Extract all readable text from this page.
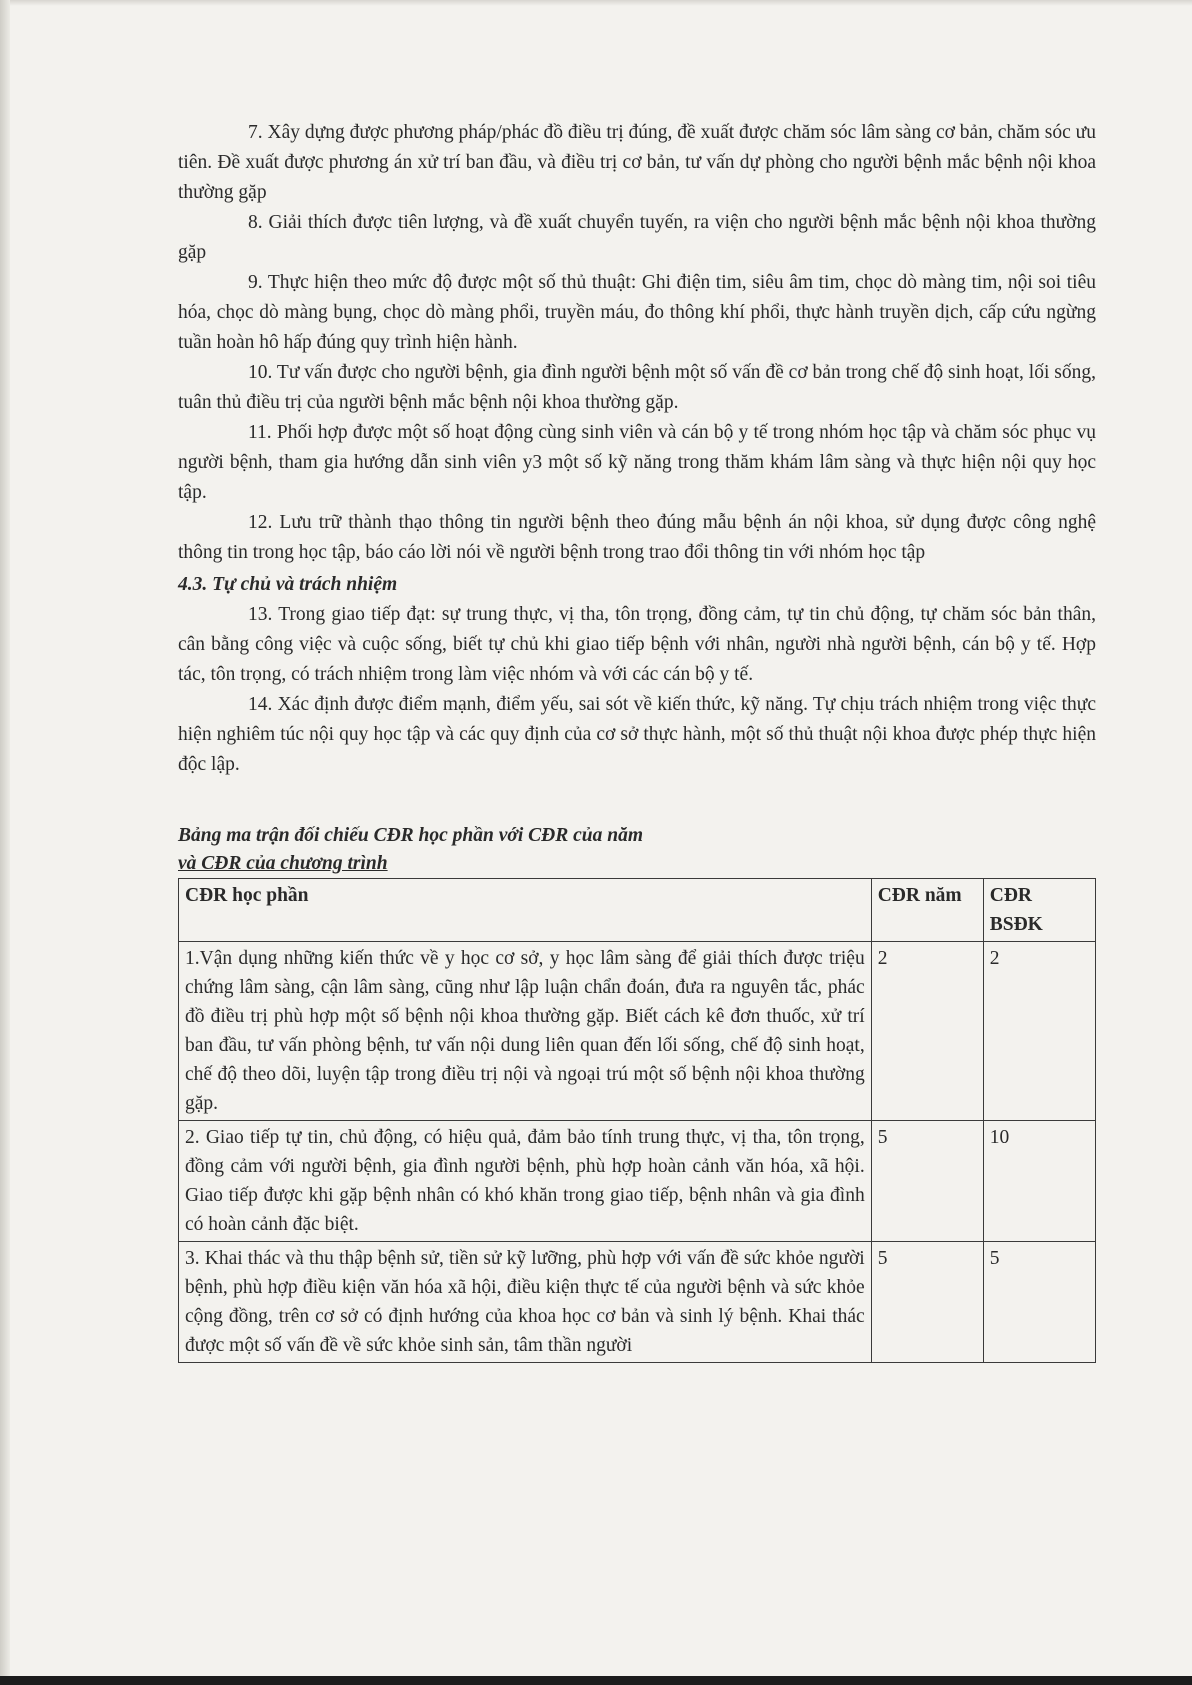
7. Xây dựng được phương pháp/phác đồ điều trị đúng, đề xuất được chăm sóc lâm sàng cơ bản, chăm sóc ưu tiên. Đề xuất được phương án xử trí ban đầu, và điều trị cơ bản, tư vấn dự phòng cho người bệnh mắc bệnh nội khoa thường gặp

8. Giải thích được tiên lượng, và đề xuất chuyển tuyến, ra viện cho người bệnh mắc bệnh nội khoa thường gặp

9. Thực hiện theo mức độ được một số thủ thuật: Ghi điện tim, siêu âm tim, chọc dò màng tim, nội soi tiêu hóa, chọc dò màng bụng, chọc dò màng phổi, truyền máu, đo thông khí phổi, thực hành truyền dịch, cấp cứu ngừng tuần hoàn hô hấp đúng quy trình hiện hành.

10. Tư vấn được cho người bệnh, gia đình người bệnh một số vấn đề cơ bản trong chế độ sinh hoạt, lối sống, tuân thủ điều trị của người bệnh mắc bệnh nội khoa thường gặp.

11. Phối hợp được một số hoạt động cùng sinh viên và cán bộ y tế trong nhóm học tập và chăm sóc phục vụ người bệnh, tham gia hướng dẫn sinh viên y3 một số kỹ năng trong thăm khám lâm sàng và thực hiện nội quy học tập.

12. Lưu trữ thành thạo thông tin người bệnh theo đúng mẫu bệnh án nội khoa, sử dụng được công nghệ thông tin trong học tập, báo cáo lời nói về người bệnh trong trao đổi thông tin với nhóm học tập

4.3. Tự chủ và trách nhiệm

13. Trong giao tiếp đạt: sự trung thực, vị tha, tôn trọng, đồng cảm, tự tin chủ động, tự chăm sóc bản thân, cân bằng công việc và cuộc sống, biết tự chủ khi giao tiếp bệnh với nhân, người nhà người bệnh, cán bộ y tế. Hợp tác, tôn trọng, có trách nhiệm trong làm việc nhóm và với các cán bộ y tế.

14. Xác định được điểm mạnh, điểm yếu, sai sót về kiến thức, kỹ năng. Tự chịu trách nhiệm trong việc thực hiện nghiêm túc nội quy học tập và các quy định của cơ sở thực hành, một số thủ thuật nội khoa được phép thực hiện độc lập.

Bảng ma trận đối chiếu CĐR học phần với CĐR của năm
và CĐR của chương trình

CĐR học phần	CĐR năm	CĐR BSĐK
1.Vận dụng những kiến thức về y học cơ sở, y học lâm sàng để giải thích được triệu chứng lâm sàng, cận lâm sàng, cũng như lập luận chẩn đoán, đưa ra nguyên tắc, phác đồ điều trị phù hợp một số bệnh nội khoa thường gặp. Biết cách kê đơn thuốc, xử trí ban đầu, tư vấn phòng bệnh, tư vấn nội dung liên quan đến lối sống, chế độ sinh hoạt, chế độ theo dõi, luyện tập trong điều trị nội và ngoại trú một số bệnh nội khoa thường gặp.	2	2
2. Giao tiếp tự tin, chủ động, có hiệu quả, đảm bảo tính trung thực, vị tha, tôn trọng, đồng cảm với người bệnh, gia đình người bệnh, phù hợp hoàn cảnh văn hóa, xã hội. Giao tiếp được khi gặp bệnh nhân có khó khăn trong giao tiếp, bệnh nhân và gia đình có hoàn cảnh đặc biệt.	5	10
3. Khai thác và thu thập bệnh sử, tiền sử kỹ lưỡng, phù hợp với vấn đề sức khỏe người bệnh, phù hợp điều kiện văn hóa xã hội, điều kiện thực tế của người bệnh và sức khỏe cộng đồng, trên cơ sở có định hướng của khoa học cơ bản và sinh lý bệnh. Khai thác được một số vấn đề về sức khỏe sinh sản, tâm thần người	5	5
